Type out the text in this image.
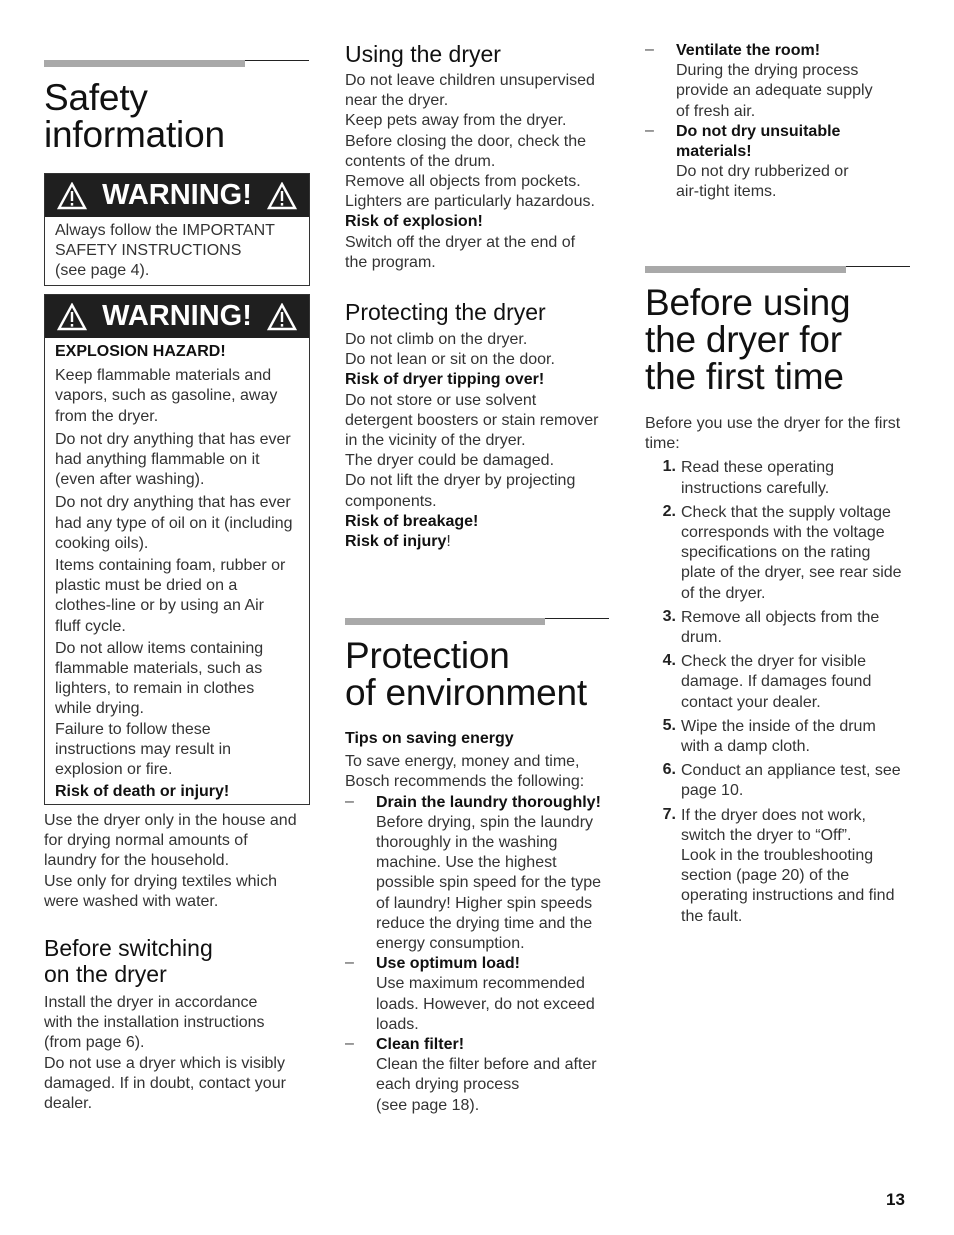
Safety
information
WARNING!

Always follow the IMPORTANT

SAFETY INSTRUCTIONS

(see page 4).

WARNING!

EXPLOSION HAZARD!

Keep flammable materials and

vapors, such as gasoline, away

from the dryer.

Do not dry anything that has ever

had anything flammable on it

(even after washing).

Do not dry anything that has ever

had any type of oil on it (including

cooking oils).

Items containing foam, rubber or

plastic must be dried on a

clothes-line or by using an Air

fluff cycle.

Do not allow items containing

flammable materials, such as

lighters, to remain in clothes

while drying.

Failure to follow these

instructions may result in

explosion or fire.

Risk of death or injury!

Use the dryer only in the house and

for drying normal amounts of

laundry for the household.

Use only for drying textiles which

were washed with water.

Before switching
on the dryer

Install the dryer in accordance

with the installation instructions

(from page 6).

Do not use a dryer which is visibly

damaged. If in doubt, contact your

dealer.

Using the dryer

Do not leave children unsupervised

near the dryer.

Keep pets away from the dryer.

Before closing the door, check the

contents of the drum.

Remove all objects from pockets.

Lighters are particularly hazardous.

Risk of explosion!

Switch off the dryer at the end of

the program.

Protecting the dryer

Do not climb on the dryer.

Do not lean or sit on the door.

Risk of dryer tipping over!

Do not store or use solvent

detergent boosters or stain remover

in the vicinity of the dryer.

The dryer could be damaged.

Do not lift the dryer by projecting

components.

Risk of breakage!

Risk of injury!

Protection
of environment

Tips on saving energy

To save energy, money and time,

Bosch recommends the following:

–	Drain the laundry thoroughly!

Before drying, spin the laundry

thoroughly in the washing

machine. Use the highest

possible spin speed for the type

of laundry! Higher spin speeds

reduce the drying time and the

energy consumption.

–	Use optimum load!

Use maximum recommended

loads. However, do not exceed

loads.

–	Clean filter!

Clean the filter before and after

each drying process

(see page 18).

–	Ventilate the room!

During the drying process

provide an adequate supply

of fresh air.

–	Do not dry unsuitable

materials!

Do not dry rubberized or

air-tight items.

Before using
the dryer for
the first time

Before you use the dryer for the first

time:

1. Read these operating

instructions carefully.

2. Check that the supply voltage

corresponds with the voltage

specifications on the rating

plate of the dryer, see rear side

of the dryer.

3. Remove all objects from the

drum.

4. Check the dryer for visible

damage. If damages found

contact your dealer.

5. Wipe the inside of the drum

with a damp cloth.

6. Conduct an appliance test, see

page 10.

7. If the dryer does not work,

switch the dryer to “Off”.

Look in the troubleshooting

section (page 20) of the

operating instructions and find

the fault.

13
